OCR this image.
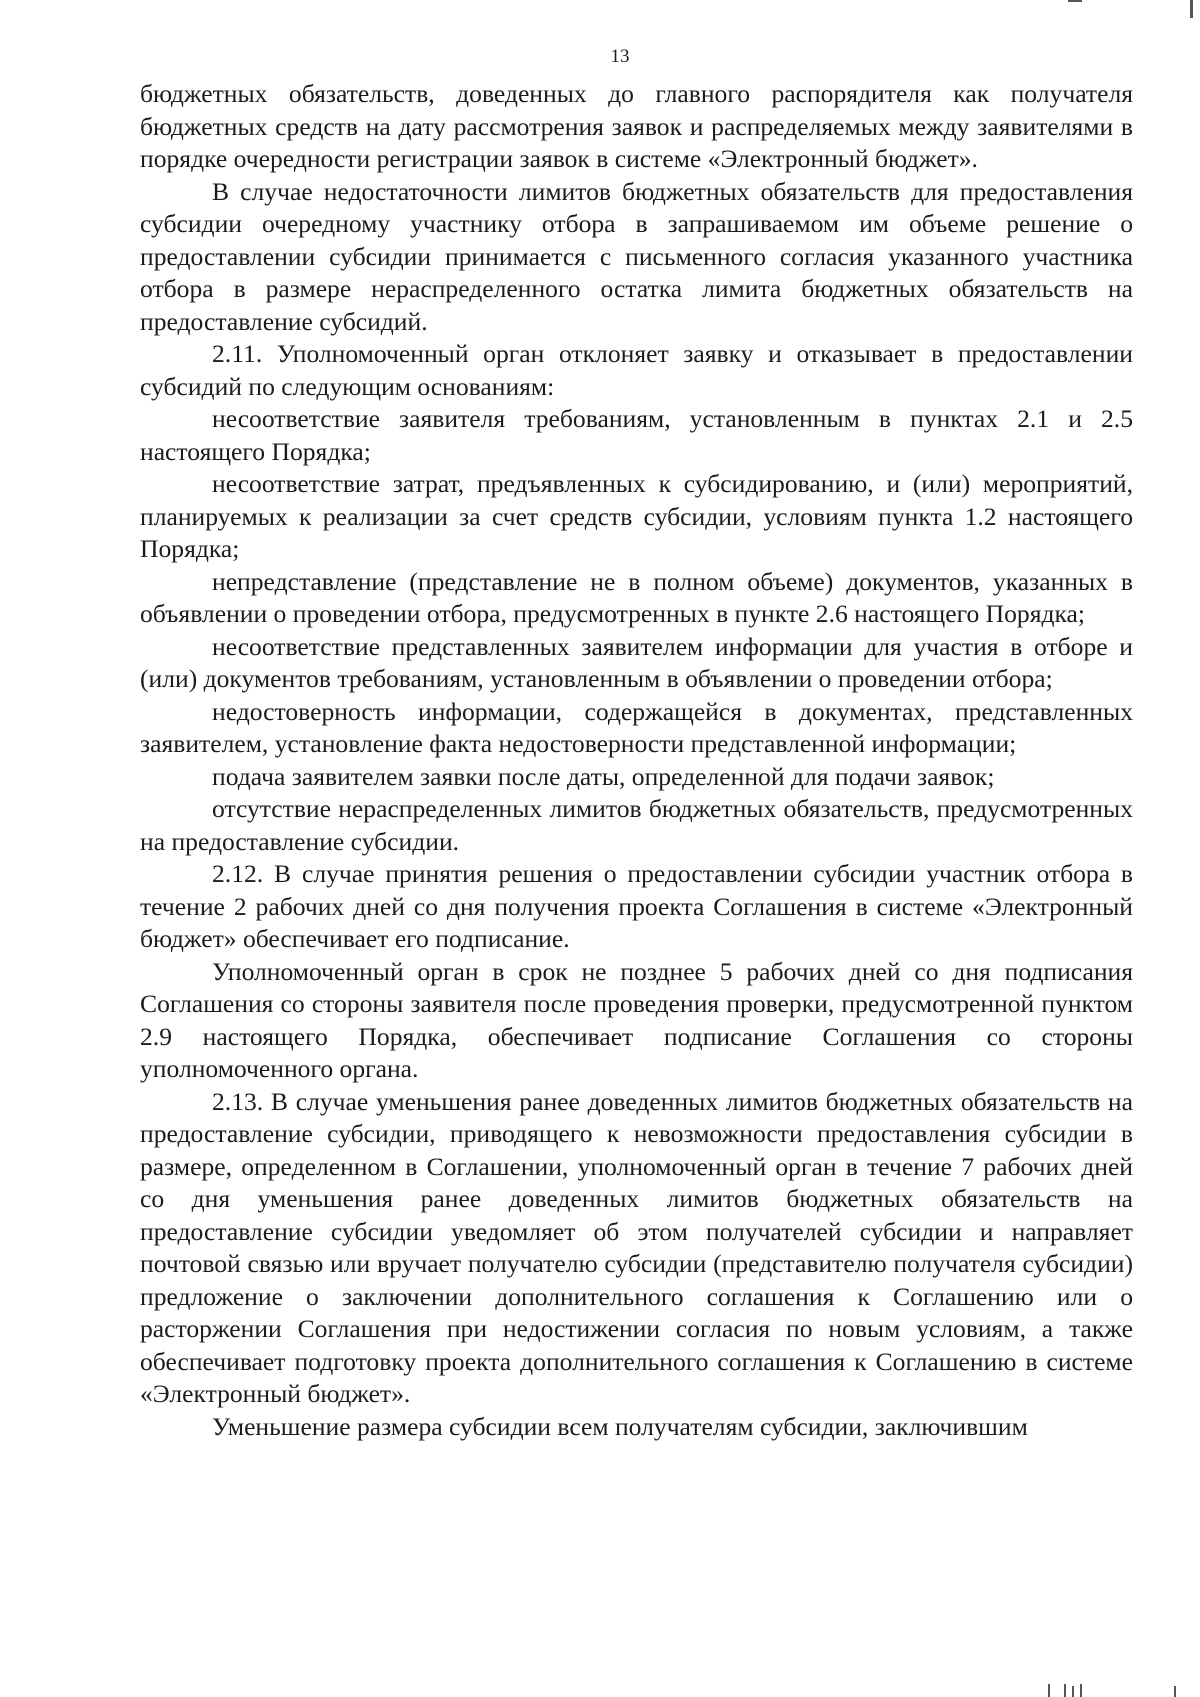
13

бюджетных обязательств, доведенных до главного распорядителя как получателя бюджетных средств на дату рассмотрения заявок и распределяемых между заявителями в порядке очередности регистрации заявок в системе «Электронный бюджет».

В случае недостаточности лимитов бюджетных обязательств для предоставления субсидии очередному участнику отбора в запрашиваемом им объеме решение о предоставлении субсидии принимается с письменного согласия указанного участника отбора в размере нераспределенного остатка лимита бюджетных обязательств на предоставление субсидий.

2.11. Уполномоченный орган отклоняет заявку и отказывает в предоставлении субсидий по следующим основаниям:

несоответствие заявителя требованиям, установленным в пунктах 2.1 и 2.5 настоящего Порядка;

несоответствие затрат, предъявленных к субсидированию, и (или) мероприятий, планируемых к реализации за счет средств субсидии, условиям пункта 1.2 настоящего Порядка;

непредставление (представление не в полном объеме) документов, указанных в объявлении о проведении отбора, предусмотренных в пункте 2.6 настоящего Порядка;

несоответствие представленных заявителем информации для участия в отборе и (или) документов требованиям, установленным в объявлении о проведении отбора;

недостоверность информации, содержащейся в документах, представленных заявителем, установление факта недостоверности представленной информации;

подача заявителем заявки после даты, определенной для подачи заявок;

отсутствие нераспределенных лимитов бюджетных обязательств, предусмотренных на предоставление субсидии.

2.12. В случае принятия решения о предоставлении субсидии участник отбора в течение 2 рабочих дней со дня получения проекта Соглашения в системе «Электронный бюджет» обеспечивает его подписание.

Уполномоченный орган в срок не позднее 5 рабочих дней со дня подписания Соглашения со стороны заявителя после проведения проверки, предусмотренной пунктом 2.9 настоящего Порядка, обеспечивает подписание Соглашения со стороны уполномоченного органа.

2.13. В случае уменьшения ранее доведенных лимитов бюджетных обязательств на предоставление субсидии, приводящего к невозможности предоставления субсидии в размере, определенном в Соглашении, уполномоченный орган в течение 7 рабочих дней со дня уменьшения ранее доведенных лимитов бюджетных обязательств на предоставление субсидии уведомляет об этом получателей субсидии и направляет почтовой связью или вручает получателю субсидии (представителю получателя субсидии) предложение о заключении дополнительного соглашения к Соглашению или о расторжении Соглашения при недостижении согласия по новым условиям, а также обеспечивает подготовку проекта дополнительного соглашения к Соглашению в системе «Электронный бюджет».

Уменьшение размера субсидии всем получателям субсидии, заключившим
